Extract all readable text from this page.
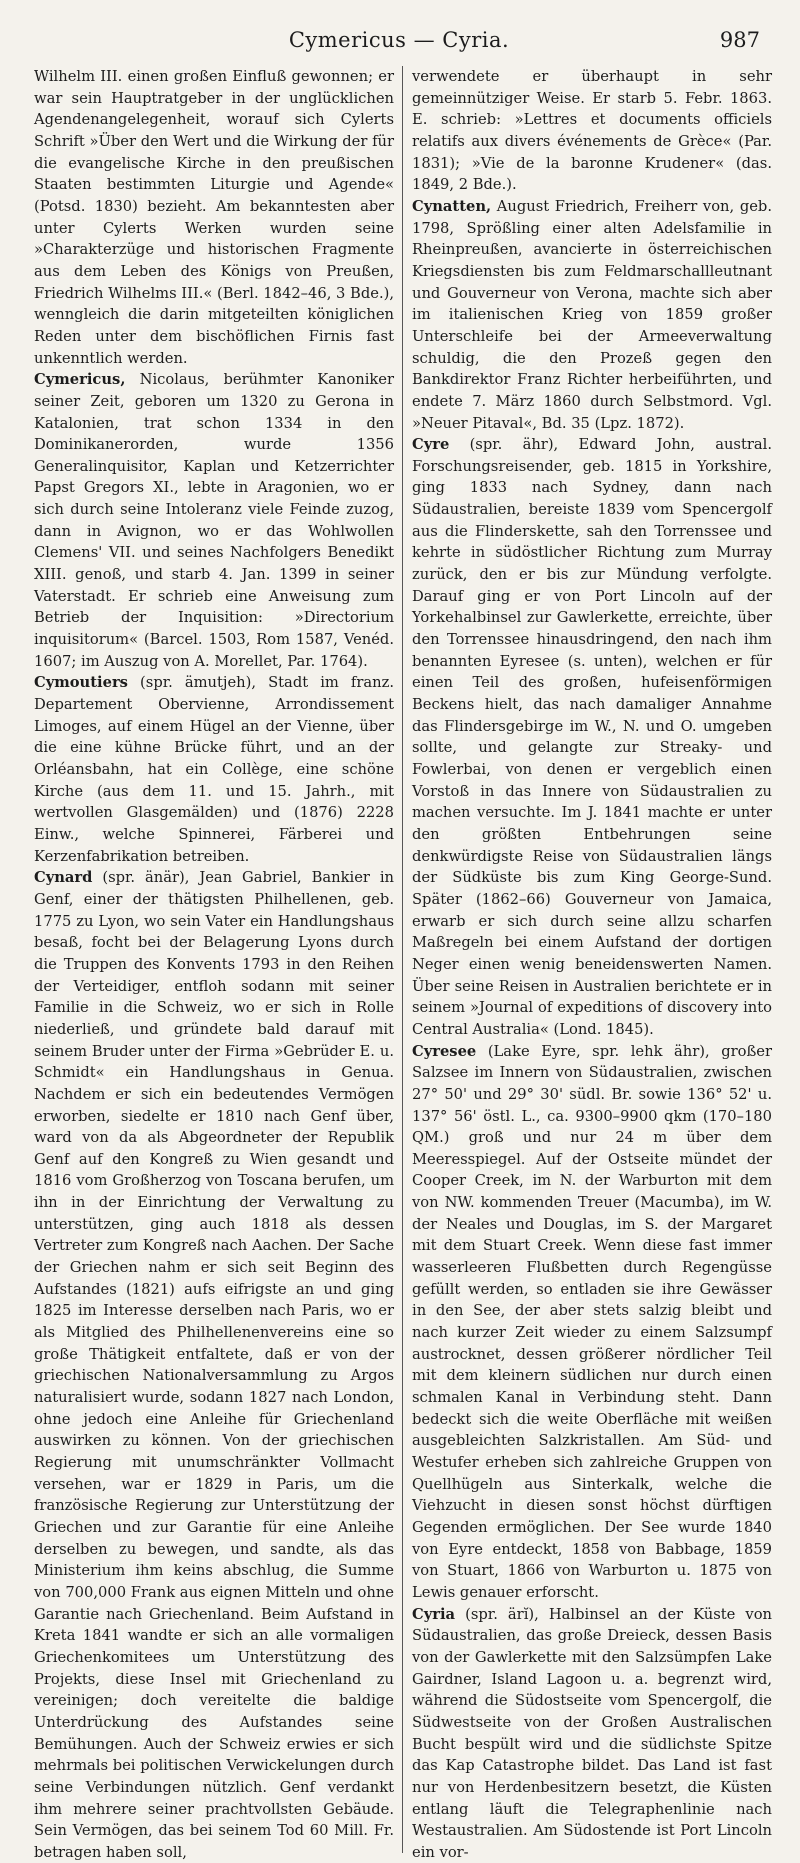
Cymericus — Cyria.	987

Wilhelm III. einen großen Einfluß gewonnen; er war sein Hauptratgeber in der unglücklichen Agendenangelegenheit, worauf sich Cylerts Schrift »Über den Wert und die Wirkung der für die evangelische Kirche in den preußischen Staaten bestimmten Liturgie und Agende« (Potsd. 1830) bezieht. Am bekanntesten aber unter Cylerts Werken wurden seine »Charakterzüge und historischen Fragmente aus dem Leben des Königs von Preußen, Friedrich Wilhelms III.« (Berl. 1842–46, 3 Bde.), wenngleich die darin mitgeteilten königlichen Reden unter dem bischöflichen Firnis fast unkenntlich werden.

Cymericus, Nicolaus, berühmter Kanoniker seiner Zeit, geboren um 1320 zu Gerona in Katalonien, trat schon 1334 in den Dominikanerorden, wurde 1356 Generalinquisitor, Kaplan und Ketzerrichter Papst Gregors XI., lebte in Aragonien, wo er sich durch seine Intoleranz viele Feinde zuzog, dann in Avignon, wo er das Wohlwollen Clemens' VII. und seines Nachfolgers Benedikt XIII. genoß, und starb 4. Jan. 1399 in seiner Vaterstadt. Er schrieb eine Anweisung zum Betrieb der Inquisition: »Directorium inquisitorum« (Barcel. 1503, Rom 1587, Venéd. 1607; im Auszug von A. Morellet, Par. 1764).

Cymoutiers (spr. ämutjeh), Stadt im franz. Departement Obervienne, Arrondissement Limoges, auf einem Hügel an der Vienne, über die eine kühne Brücke führt, und an der Orléansbahn, hat ein Collège, eine schöne Kirche (aus dem 11. und 15. Jahrh., mit wertvollen Glasgemälden) und (1876) 2228 Einw., welche Spinnerei, Färberei und Kerzenfabrikation betreiben.

Cynard (spr. änär), Jean Gabriel, Bankier in Genf, einer der thätigsten Philhellenen, geb. 1775 zu Lyon, wo sein Vater ein Handlungshaus besaß, focht bei der Belagerung Lyons durch die Truppen des Konvents 1793 in den Reihen der Verteidiger, entfloh sodann mit seiner Familie in die Schweiz, wo er sich in Rolle niederließ, und gründete bald darauf mit seinem Bruder unter der Firma »Gebrüder E. u. Schmidt« ein Handlungshaus in Genua. Nachdem er sich ein bedeutendes Vermögen erworben, siedelte er 1810 nach Genf über, ward von da als Abgeordneter der Republik Genf auf den Kongreß zu Wien gesandt und 1816 vom Großherzog von Toscana berufen, um ihn in der Einrichtung der Verwaltung zu unterstützen, ging auch 1818 als dessen Vertreter zum Kongreß nach Aachen. Der Sache der Griechen nahm er sich seit Beginn des Aufstandes (1821) aufs eifrigste an und ging 1825 im Interesse derselben nach Paris, wo er als Mitglied des Philhellenenvereins eine so große Thätigkeit entfaltete, daß er von der griechischen Nationalversammlung zu Argos naturalisiert wurde, sodann 1827 nach London, ohne jedoch eine Anleihe für Griechenland auswirken zu können. Von der griechischen Regierung mit unumschränkter Vollmacht versehen, war er 1829 in Paris, um die französische Regierung zur Unterstützung der Griechen und zur Garantie für eine Anleihe derselben zu bewegen, und sandte, als das Ministerium ihm keins abschlug, die Summe von 700,000 Frank aus eignen Mitteln und ohne Garantie nach Griechenland. Beim Aufstand in Kreta 1841 wandte er sich an alle vormaligen Griechenkomitees um Unterstützung des Projekts, diese Insel mit Griechenland zu vereinigen; doch vereitelte die baldige Unterdrückung des Aufstandes seine Bemühungen. Auch der Schweiz erwies er sich mehrmals bei politischen Verwickelungen durch seine Verbindungen nützlich. Genf verdankt ihm mehrere seiner prachtvollsten Gebäude. Sein Vermögen, das bei seinem Tod 60 Mill. Fr. betragen haben soll,

verwendete er überhaupt in sehr gemeinnütziger Weise. Er starb 5. Febr. 1863. E. schrieb: »Lettres et documents officiels relatifs aux divers événements de Grèce« (Par. 1831); »Vie de la baronne Krudener« (das. 1849, 2 Bde.).

Cynatten, August Friedrich, Freiherr von, geb. 1798, Sprößling einer alten Adelsfamilie in Rheinpreußen, avancierte in österreichischen Kriegsdiensten bis zum Feldmarschallleutnant und Gouverneur von Verona, machte sich aber im italienischen Krieg von 1859 großer Unterschleife bei der Armeeverwaltung schuldig, die den Prozeß gegen den Bankdirektor Franz Richter herbeiführten, und endete 7. März 1860 durch Selbstmord. Vgl. »Neuer Pitaval«, Bd. 35 (Lpz. 1872).

Cyre (spr. ähr), Edward John, austral. Forschungsreisender, geb. 1815 in Yorkshire, ging 1833 nach Sydney, dann nach Südaustralien, bereiste 1839 vom Spencergolf aus die Flinderskette, sah den Torrenssee und kehrte in südöstlicher Richtung zum Murray zurück, den er bis zur Mündung verfolgte. Darauf ging er von Port Lincoln auf der Yorkehalbinsel zur Gawlerkette, erreichte, über den Torrenssee hinausdringend, den nach ihm benannten Eyresee (s. unten), welchen er für einen Teil des großen, hufeisenförmigen Beckens hielt, das nach damaliger Annahme das Flindersgebirge im W., N. und O. umgeben sollte, und gelangte zur Streaky- und Fowlerbai, von denen er vergeblich einen Vorstoß in das Innere von Südaustralien zu machen versuchte. Im J. 1841 machte er unter den größten Entbehrungen seine denkwürdigste Reise von Südaustralien längs der Südküste bis zum King George-Sund. Später (1862–66) Gouverneur von Jamaica, erwarb er sich durch seine allzu scharfen Maßregeln bei einem Aufstand der dortigen Neger einen wenig beneidenswerten Namen. Über seine Reisen in Australien berichtete er in seinem »Journal of expeditions of discovery into Central Australia« (Lond. 1845).

Cyresee (Lake Eyre, spr. lehk ähr), großer Salzsee im Innern von Südaustralien, zwischen 27° 50' und 29° 30' südl. Br. sowie 136° 52' u. 137° 56' östl. L., ca. 9300–9900 qkm (170–180 QM.) groß und nur 24 m über dem Meeresspiegel. Auf der Ostseite mündet der Cooper Creek, im N. der Warburton mit dem von NW. kommenden Treuer (Macumba), im W. der Neales und Douglas, im S. der Margaret mit dem Stuart Creek. Wenn diese fast immer wasserleeren Flußbetten durch Regengüsse gefüllt werden, so entladen sie ihre Gewässer in den See, der aber stets salzig bleibt und nach kurzer Zeit wieder zu einem Salzsumpf austrocknet, dessen größerer nördlicher Teil mit dem kleinern südlichen nur durch einen schmalen Kanal in Verbindung steht. Dann bedeckt sich die weite Oberfläche mit weißen ausgebleichten Salzkristallen. Am Süd- und Westufer erheben sich zahlreiche Gruppen von Quellhügeln aus Sinterkalk, welche die Viehzucht in diesen sonst höchst dürftigen Gegenden ermöglichen. Der See wurde 1840 von Eyre entdeckt, 1858 von Babbage, 1859 von Stuart, 1866 von Warburton u. 1875 von Lewis genauer erforscht.

Cyria (spr. ärĭ), Halbinsel an der Küste von Südaustralien, das große Dreieck, dessen Basis von der Gawlerkette mit den Salzsümpfen Lake Gairdner, Island Lagoon u. a. begrenzt wird, während die Südostseite vom Spencergolf, die Südwestseite von der Großen Australischen Bucht bespült wird und die südlichste Spitze das Kap Catastrophe bildet. Das Land ist fast nur von Herdenbesitzern besetzt, die Küsten entlang läuft die Telegraphenlinie nach Westaustralien. Am Südostende ist Port Lincoln ein vor-
